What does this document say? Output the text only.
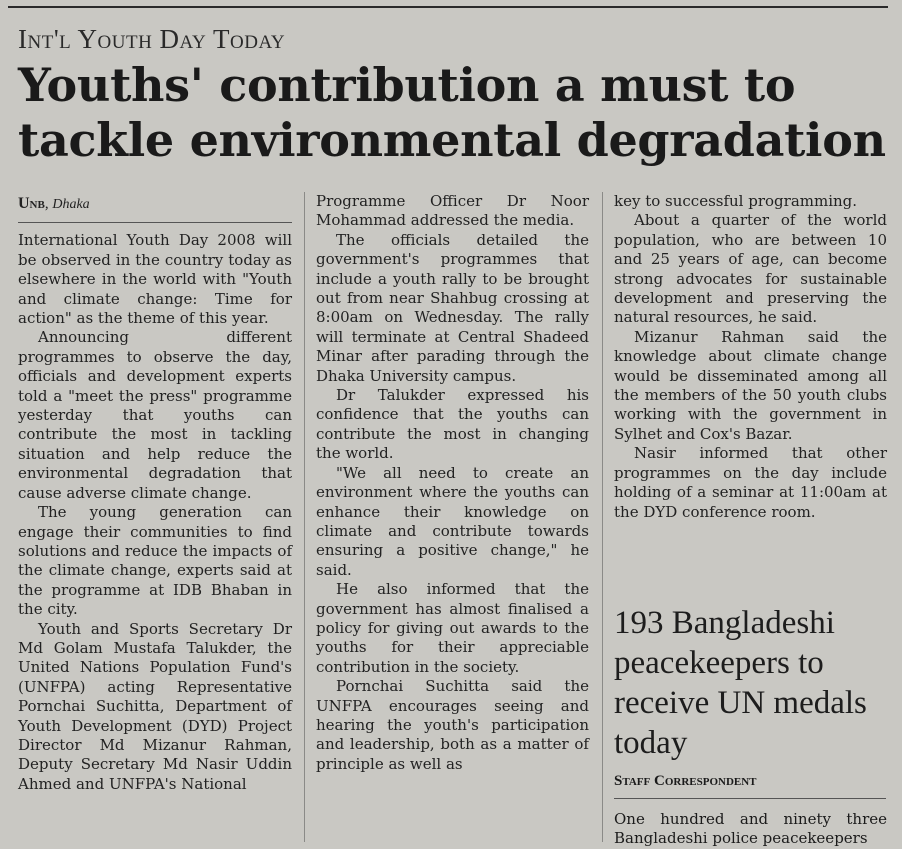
Int'l Youth Day Today
Youths' contribution a must to tackle environmental degradation
Unb, Dhaka

International Youth Day 2008 will be observed in the country today as elsewhere in the world with "Youth and climate change: Time for action" as the theme of this year.

Announcing different programmes to observe the day, officials and development experts told a "meet the press" programme yesterday that youths can contribute the most in tackling situation and help reduce the environmental degradation that cause adverse climate change.

The young generation can engage their communities to find solutions and reduce the impacts of the climate change, experts said at the programme at IDB Bhaban in the city.

Youth and Sports Secretary Dr Md Golam Mustafa Talukder, the United Nations Population Fund's (UNFPA) acting Representative Pornchai Suchitta, Department of Youth Development (DYD) Project Director Md Mizanur Rahman, Deputy Secretary Md Nasir Uddin Ahmed and UNFPA's National

Programme Officer Dr Noor Mohammad addressed the media.

The officials detailed the government's programmes that include a youth rally to be brought out from near Shahbug crossing at 8:00am on Wednesday. The rally will terminate at Central Shadeed Minar after parading through the Dhaka University campus.

Dr Talukder expressed his confidence that the youths can contribute the most in changing the world.

"We all need to create an environment where the youths can enhance their knowledge on climate and contribute towards ensuring a positive change," he said.

He also informed that the government has almost finalised a policy for giving out awards to the youths for their appreciable contribution in the society.

Pornchai Suchitta said the UNFPA encourages seeing and hearing the youth's participation and leadership, both as a matter of principle as well as

key to successful programming.

About a quarter of the world population, who are between 10 and 25 years of age, can become strong advocates for sustainable development and preserving the natural resources, he said.

Mizanur Rahman said the knowledge about climate change would be disseminated among all the members of the 50 youth clubs working with the government in Sylhet and Cox's Bazar.

Nasir informed that other programmes on the day include holding of a seminar at 11:00am at the DYD conference room.

193 Bangladeshi peacekeepers to receive UN medals today
Staff Correspondent
One hundred and ninety three Bangladeshi police peacekeepers
